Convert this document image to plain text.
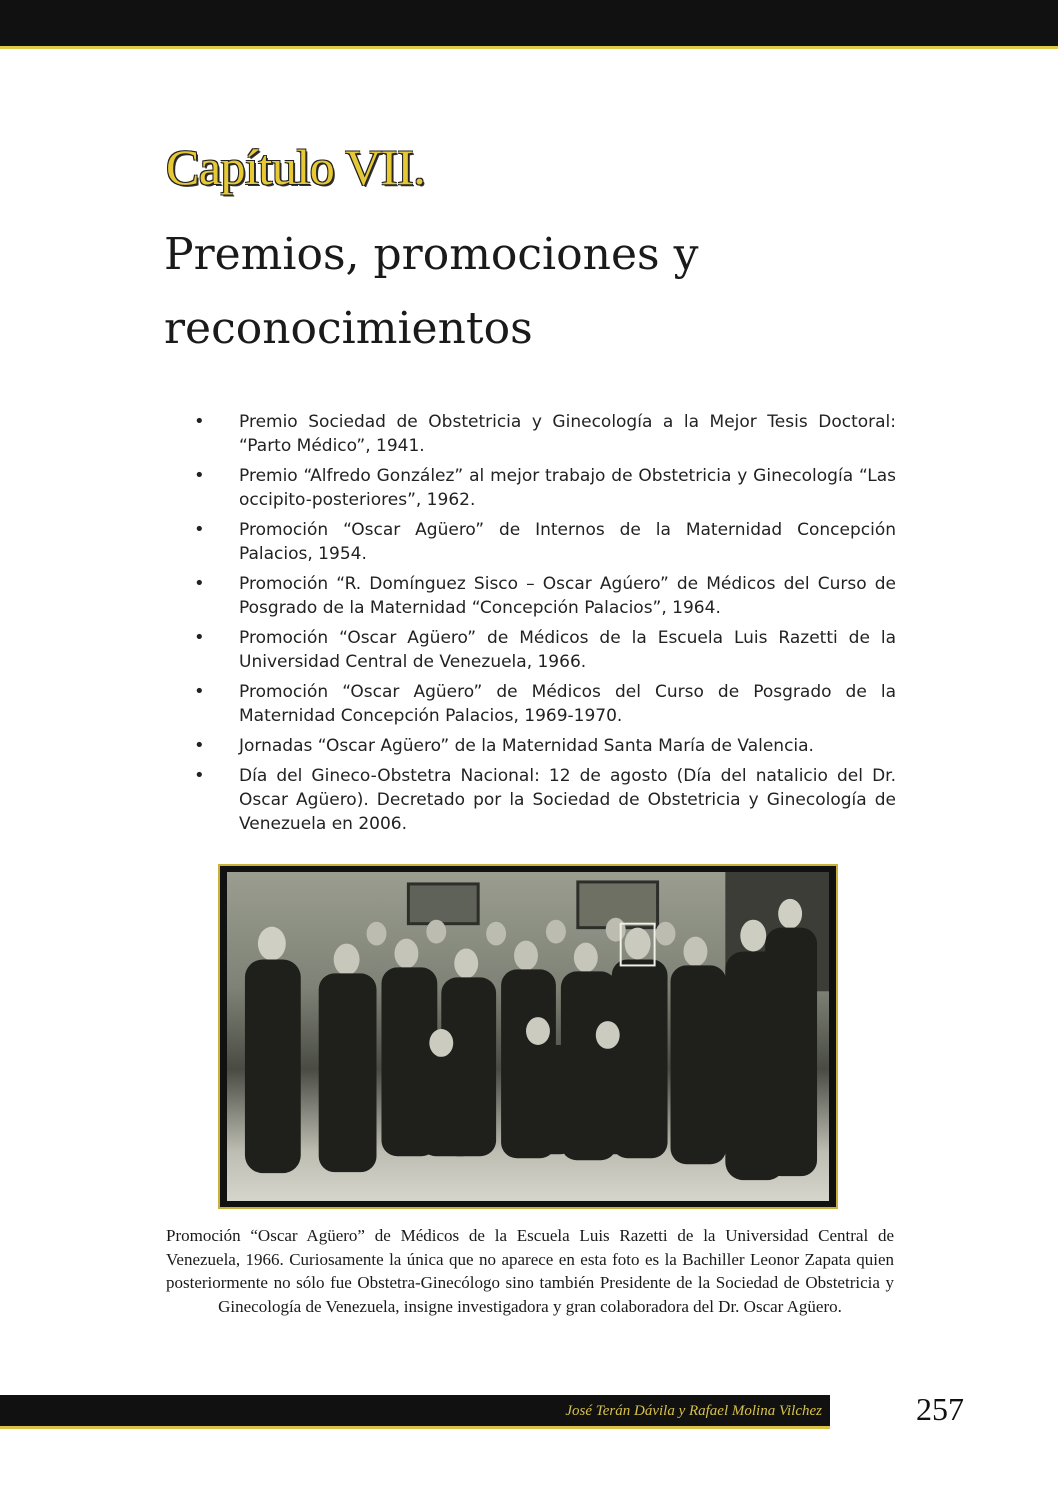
Capítulo VII.
Premios, promociones y reconocimientos
• Premio Sociedad de Obstetricia y Ginecología a la Mejor Tesis Doctoral: “Parto Médico”, 1941.
• Premio “Alfredo González” al mejor trabajo de Obstetricia y Ginecología “Las occipito-posteriores”, 1962.
• Promoción “Oscar Agüero” de Internos de la Maternidad Concepción Palacios, 1954.
• Promoción “R. Domínguez Sisco – Oscar Agúero” de Médicos del Curso de Posgrado de la Maternidad “Concepción Palacios”, 1964.
• Promoción “Oscar Agüero” de Médicos de la Escuela Luis Razetti de la Universidad Central de Venezuela, 1966.
• Promoción “Oscar Agüero” de Médicos del Curso de Posgrado de la Maternidad Concepción Palacios, 1969-1970.
• Jornadas “Oscar Agüero” de la Maternidad Santa María de Valencia.
• Día del Gineco-Obstetra Nacional: 12 de agosto (Día del natalicio del Dr. Oscar Agüero). Decretado por la Sociedad de Obstetricia y Ginecología de Venezuela en 2006.

Promoción “Oscar Agüero” de Médicos de la Escuela Luis Razetti de la Universidad Central de Venezuela, 1966. Curiosamente la única que no aparece en esta foto es la Bachiller Leonor Zapata quien posteriormente no sólo fue Obstetra-Ginecólogo sino también Presidente de la Sociedad de Obstetricia y Ginecología de Venezuela, insigne investigadora y gran colaboradora del Dr. Oscar Agüero.

José Terán Dávila y Rafael Molina Vilchez	257
